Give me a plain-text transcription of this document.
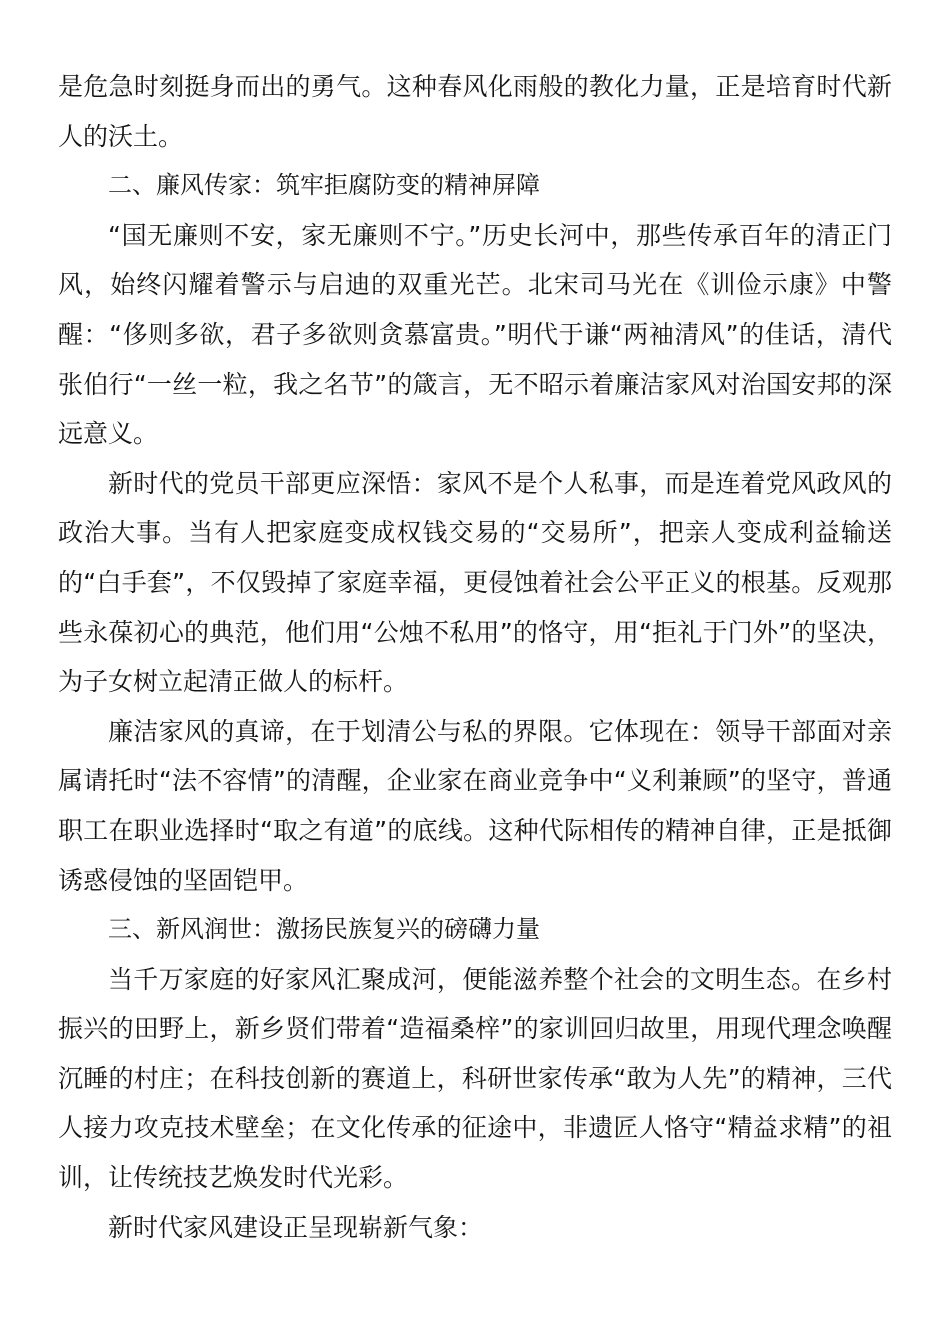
是危急时刻挺身而出的勇气。这种春风化雨般的教化力量，正是培育时代新人的沃土。

二、廉风传家：筑牢拒腐防变的精神屏障

“国无廉则不安，家无廉则不宁。”历史长河中，那些传承百年的清正门风，始终闪耀着警示与启迪的双重光芒。北宋司马光在《训俭示康》中警醒：“侈则多欲，君子多欲则贪慕富贵。”明代于谦“两袖清风”的佳话，清代张伯行“一丝一粒，我之名节”的箴言，无不昭示着廉洁家风对治国安邦的深远意义。

新时代的党员干部更应深悟：家风不是个人私事，而是连着党风政风的政治大事。当有人把家庭变成权钱交易的“交易所”，把亲人变成利益输送的“白手套”，不仅毁掉了家庭幸福，更侵蚀着社会公平正义的根基。反观那些永葆初心的典范，他们用“公烛不私用”的恪守，用“拒礼于门外”的坚决，为子女树立起清正做人的标杆。

廉洁家风的真谛，在于划清公与私的界限。它体现在：领导干部面对亲属请托时“法不容情”的清醒，企业家在商业竞争中“义利兼顾”的坚守，普通职工在职业选择时“取之有道”的底线。这种代际相传的精神自律，正是抵御诱惑侵蚀的坚固铠甲。

三、新风润世：激扬民族复兴的磅礴力量

当千万家庭的好家风汇聚成河，便能滋养整个社会的文明生态。在乡村振兴的田野上，新乡贤们带着“造福桑梓”的家训回归故里，用现代理念唤醒沉睡的村庄；在科技创新的赛道上，科研世家传承“敢为人先”的精神，三代人接力攻克技术壁垒；在文化传承的征途中，非遗匠人恪守“精益求精”的祖训，让传统技艺焕发时代光彩。

新时代家风建设正呈现崭新气象：
